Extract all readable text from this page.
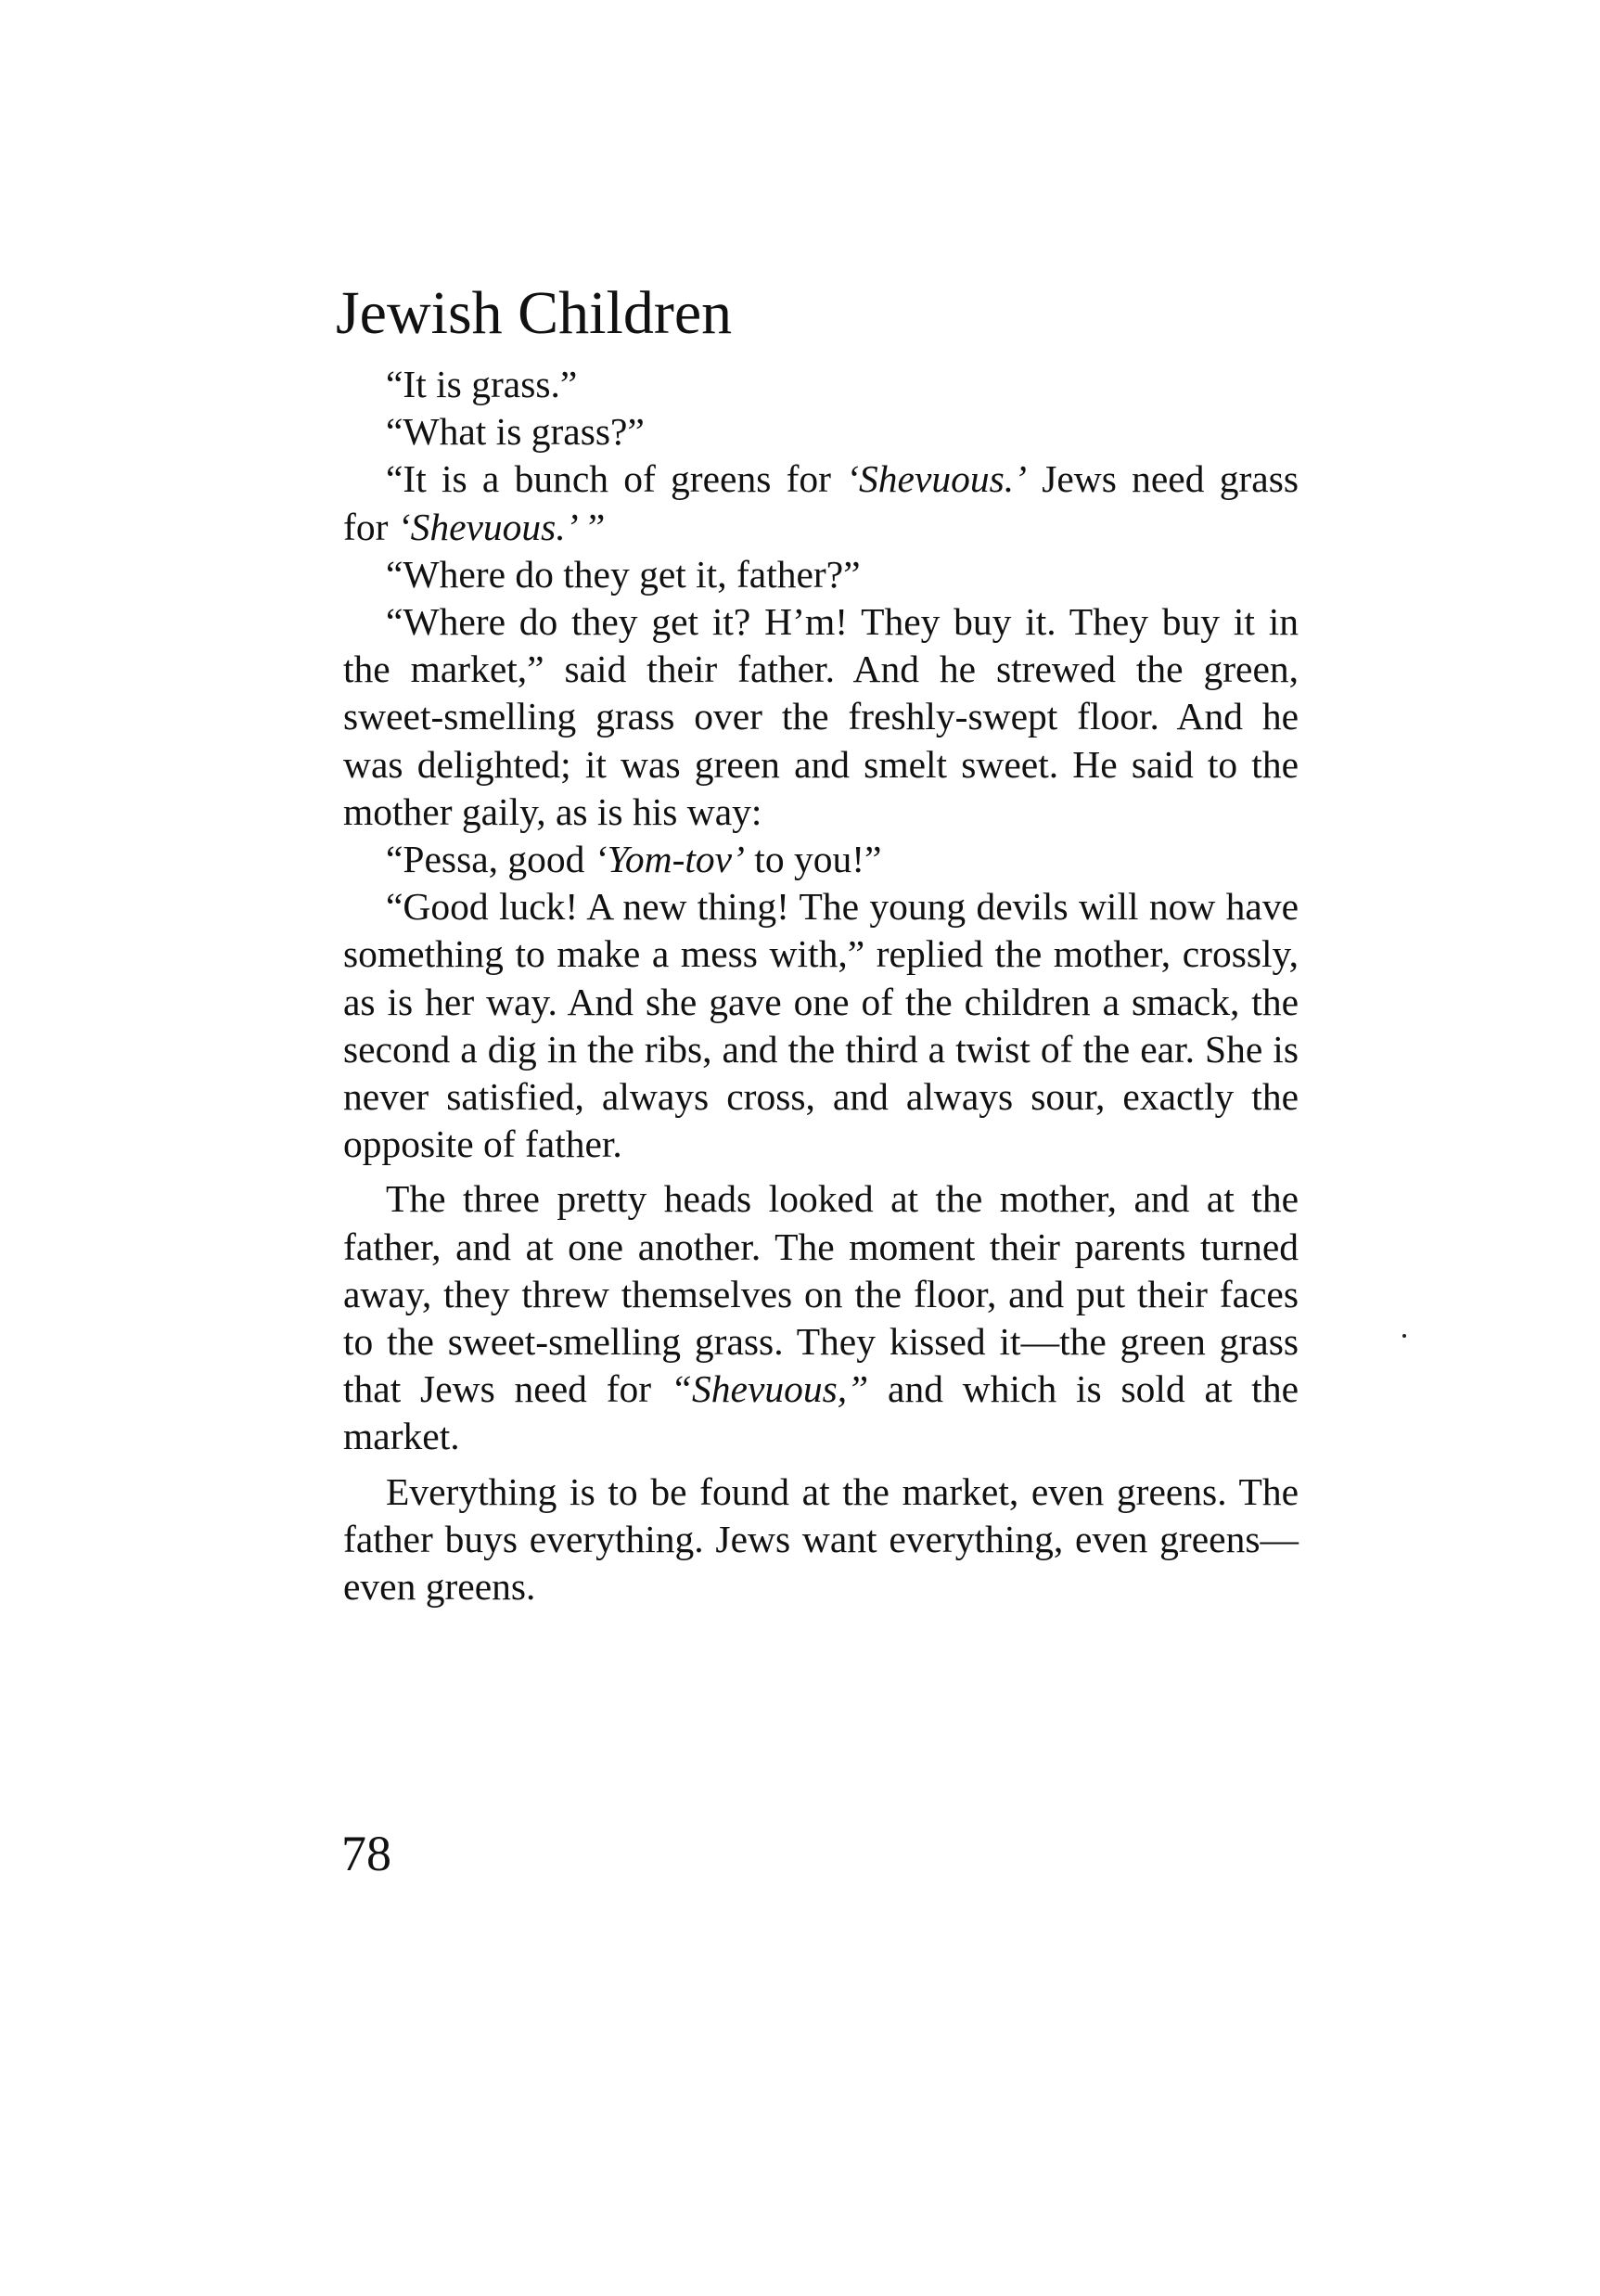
Jewish Children

“It is grass.”

“What is grass?”

“It is a bunch of greens for ‘Shevuous.’ Jews need grass for ‘Shevuous.’ ”

“Where do they get it, father?”

“Where do they get it? H’m! They buy it. They buy it in the market,” said their father. And he strewed the green, sweet-smelling grass over the freshly-swept floor. And he was delighted; it was green and smelt sweet. He said to the mother gaily, as is his way:

“Pessa, good ‘Yom-tov’ to you!”

“Good luck! A new thing! The young devils will now have something to make a mess with,” replied the mother, crossly, as is her way. And she gave one of the children a smack, the second a dig in the ribs, and the third a twist of the ear. She is never satisfied, always cross, and always sour, exactly the opposite of father.

The three pretty heads looked at the mother, and at the father, and at one another. The moment their parents turned away, they threw themselves on the floor, and put their faces to the sweet-smelling grass. They kissed it—the green grass that Jews need for “Shevuous,” and which is sold at the market.

Everything is to be found at the market, even greens. The father buys everything. Jews want everything, even greens—even greens.

78
